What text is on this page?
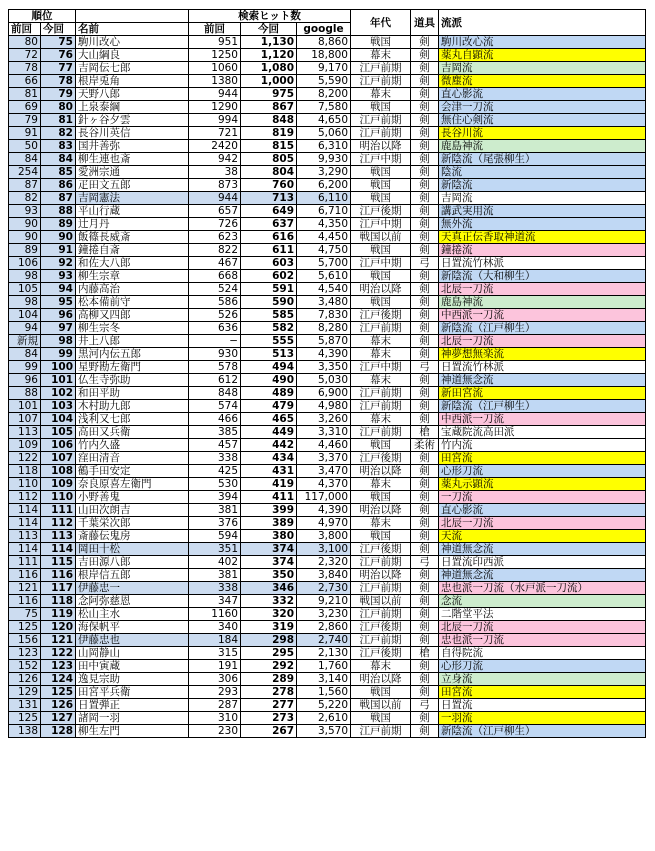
順位			検索ヒット数			年代	道具	流派
前回	今回	名前	前回	今回	google			
80	75	駒川改心	951	1,130	8,860	戦国	剣	駒川改心流
72	76	大山綱良	1250	1,120	18,800	幕末	剣	薬丸自顕流
78	77	吉岡伝七郎	1060	1,080	9,170	江戸前期	剣	吉岡流
66	78	根岸兎角	1380	1,000	5,590	江戸前期	剣	微塵流
81	79	天野八郎	944	975	8,200	幕末	剣	直心影流
69	80	上泉泰綱	1290	867	7,580	戦国	剣	会津一刀流
79	81	針ヶ谷夕雲	994	848	4,650	江戸前期	剣	無住心剣流
91	82	長谷川英信	721	819	5,060	江戸前期	剣	長谷川流
50	83	国井善弥	2420	815	6,310	明治以降	剣	鹿島神流
84	84	柳生連也斎	942	805	9,930	江戸中期	剣	新陰流（尾張柳生）
254	85	愛洲宗通	38	804	3,290	戦国	剣	陰流
87	86	疋田文五郎	873	760	6,200	戦国	剣	新陰流
82	87	吉岡憲法	944	713	6,110	戦国	剣	吉岡流
93	88	平山行蔵	657	649	6,710	江戸後期	剣	講武実用流
90	89	辻月丹	726	637	4,350	江戸中期	剣	無外流
90	90	飯篠長威斎	623	616	4,450	戦国以前	剣	天真正伝香取神道流
89	91	鐘捲自斎	822	611	4,750	戦国	剣	鐘捲流
106	92	和佐大八郎	467	603	5,700	江戸中期	弓	日置流竹林派
98	93	柳生宗章	668	602	5,610	戦国	剣	新陰流（大和柳生）
105	94	内藤高治	524	591	4,540	明治以降	剣	北辰一刀流
98	95	松本備前守	586	590	3,480	戦国	剣	鹿島神流
104	96	高柳又四郎	526	585	7,830	江戸後期	剣	中西派一刀流
94	97	柳生宗冬	636	582	8,280	江戸前期	剣	新陰流（江戸柳生）
新規	98	井上八郎	−	555	5,870	幕末	剣	北辰一刀流
84	99	黒河内伝五郎	930	513	4,390	幕末	剣	神夢想無楽流
99	100	星野勘左衛門	578	494	3,350	江戸中期	弓	日置流竹林派
96	101	仏生寺弥助	612	490	5,030	幕末	剣	神道無念流
88	102	和田平助	848	489	6,900	江戸前期	剣	新田宮流
101	103	木村助九郎	574	479	4,980	江戸前期	剣	新陰流（江戸柳生）
107	104	浅利又七郎	466	465	3,260	幕末	剣	中西派一刀流
113	105	高田又兵衛	385	449	3,310	江戸前期	槍	宝蔵院流高田派
109	106	竹内久盛	457	442	4,460	戦国	柔術	竹内流
122	107	窪田清音	338	434	3,370	江戸後期	剣	田宮流
118	108	鶴手田安定	425	431	3,470	明治以降	剣	心形刀流
110	109	奈良原喜左衛門	530	419	4,370	幕末	剣	薬丸示顕流
112	110	小野善鬼	394	411	117,000	戦国	剣	一刀流
114	111	山田次朗吉	381	399	4,390	明治以降	剣	直心影流
114	112	千葉栄次郎	376	389	4,970	幕末	剣	北辰一刀流
113	113	斎藤伝鬼房	594	380	3,800	戦国	剣	天流
114	114	岡田十松	351	374	3,100	江戸後期	剣	神道無念流
111	115	吉田源八郎	402	374	2,320	江戸前期	弓	日置流印西派
116	116	根岸信五郎	381	350	3,840	明治以降	剣	神道無念流
121	117	伊藤忠一	338	346	2,730	江戸前期	剣	忠也派一刀流（水戸派一刀流）
116	118	念阿弥慈恩	347	332	9,210	戦国以前	剣	念流
75	119	松山主水	1160	320	3,230	江戸前期	剣	二階堂平法
125	120	海保帆平	340	319	2,860	江戸後期	剣	北辰一刀流
156	121	伊藤忠也	184	298	2,740	江戸前期	剣	忠也派一刀流
123	122	山岡静山	315	295	2,130	江戸後期	槍	自得院流
152	123	田中寅蔵	191	292	1,760	幕末	剣	心形刀流
126	124	逸見宗助	306	289	3,140	明治以降	剣	立身流
129	125	田宮平兵衛	293	278	1,560	戦国	剣	田宮流
131	126	日置弾正	287	277	5,220	戦国以前	弓	日置流
125	127	諸岡一羽	310	273	2,610	戦国	剣	一羽流
138	128	柳生左門	230	267	3,570	江戸前期	剣	新陰流（江戸柳生）
